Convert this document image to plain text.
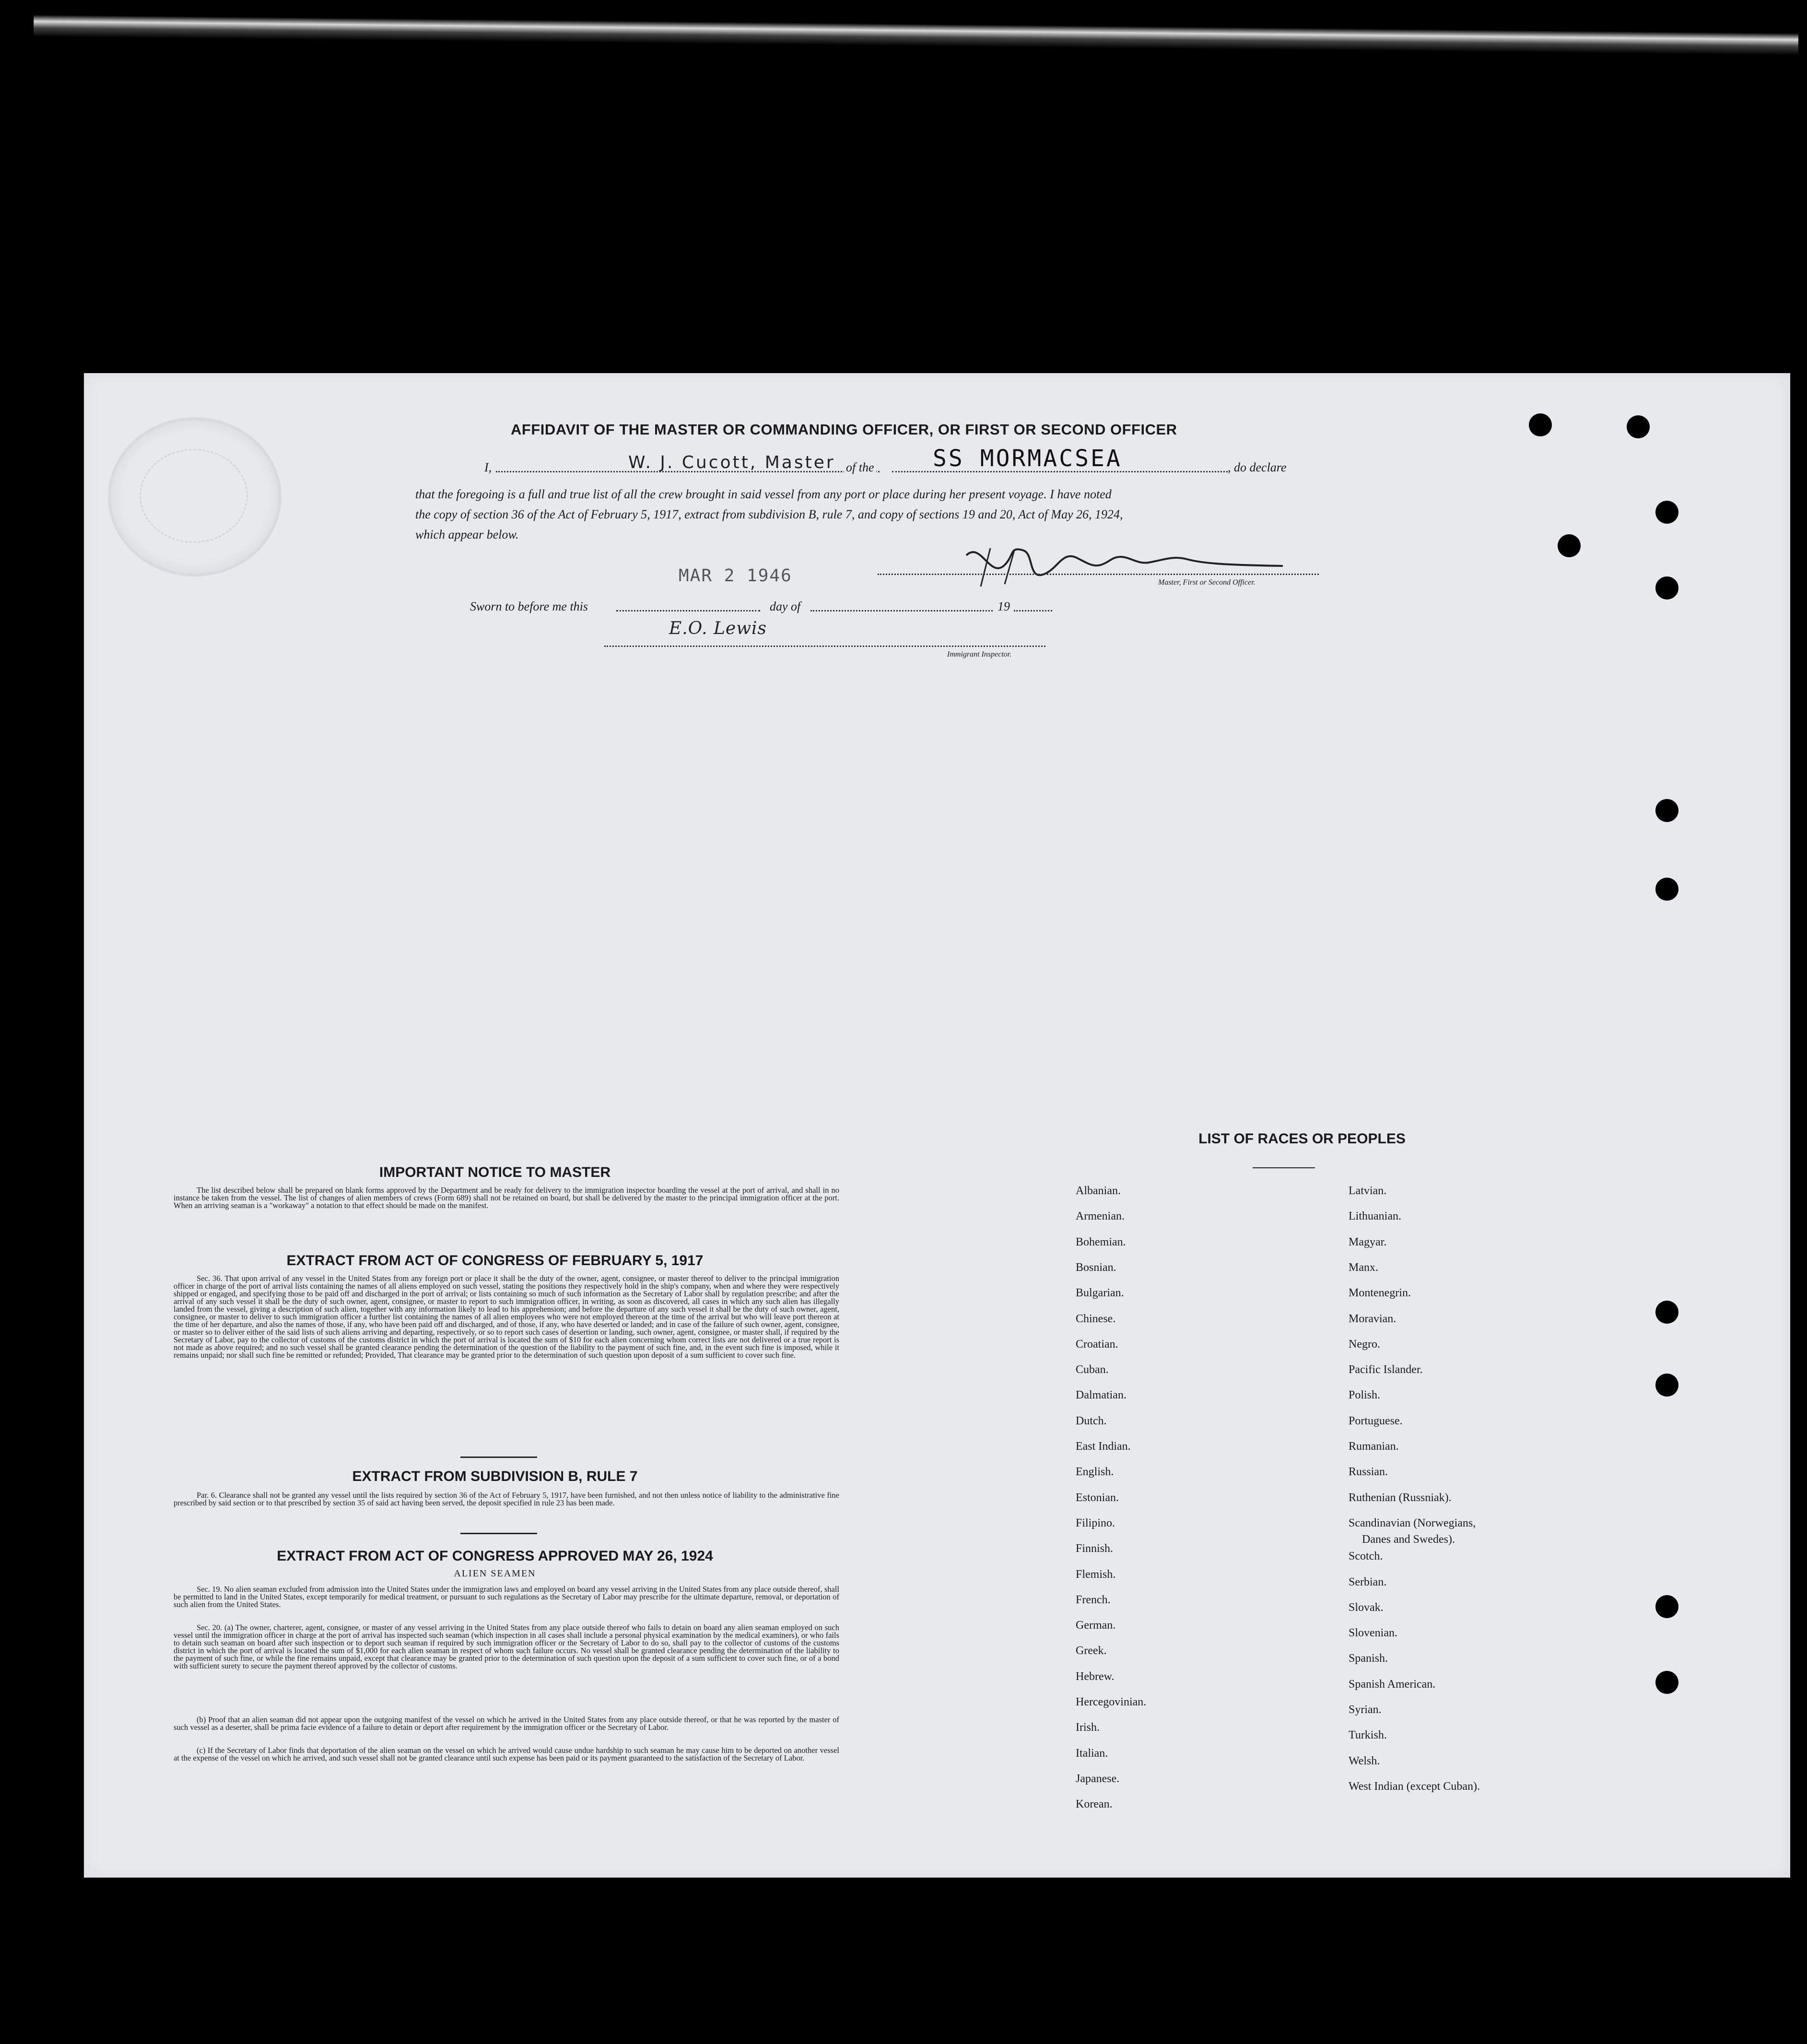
AFFIDAVIT OF THE MASTER OR COMMANDING OFFICER, OR FIRST OR SECOND OFFICER
I,	W. J. Cucott, Master of the	SS MORMACSEA	, do declare
that the foregoing is a full and true list of all the crew brought in said vessel from any port or place during her present voyage. I have noted
the copy of section 36 of the Act of February 5, 1917, extract from subdivision B, rule 7, and copy of sections 19 and 20, Act of May 26, 1924,
which appear below.
MAR 2 1946	Master, First or Second Officer.
Sworn to before me this	day of	19
E.O. Lewis
Immigrant Inspector.
IMPORTANT NOTICE TO MASTER
The list described below shall be prepared on blank forms approved by the Department and be ready for delivery to the immigration inspector boarding the vessel at the port of arrival, and shall in no instance be taken from the vessel. The list of changes of alien members of crews (Form 689) shall not be retained on board, but shall be delivered by the master to the principal immigration officer at the port. When an arriving seaman is a "workaway" a notation to that effect should be made on the manifest.
EXTRACT FROM ACT OF CONGRESS OF FEBRUARY 5, 1917
Sec. 36. That upon arrival of any vessel in the United States from any foreign port or place it shall be the duty of the owner, agent, consignee, or master thereof to deliver to the principal immigration officer in charge of the port of arrival lists containing the names of all aliens employed on such vessel, stating the positions they respectively hold in the ship's company, when and where they were respectively shipped or engaged, and specifying those to be paid off and discharged in the port of arrival; or lists containing so much of such information as the Secretary of Labor shall by regulation prescribe; and after the arrival of any such vessel it shall be the duty of such owner, agent, consignee, or master to report to such immigration officer, in writing, as soon as discovered, all cases in which any such alien has illegally landed from the vessel, giving a description of such alien, together with any information likely to lead to his apprehension; and before the departure of any such vessel it shall be the duty of such owner, agent, consignee, or master to deliver to such immigration officer a further list containing the names of all alien employees who were not employed thereon at the time of the arrival but who will leave port thereon at the time of her departure, and also the names of those, if any, who have been paid off and discharged, and of those, if any, who have deserted or landed; and in case of the failure of such owner, agent, consignee, or master so to deliver either of the said lists of such aliens arriving and departing, respectively, or so to report such cases of desertion or landing, such owner, agent, consignee, or master shall, if required by the Secretary of Labor, pay to the collector of customs of the customs district in which the port of arrival is located the sum of $10 for each alien concerning whom correct lists are not delivered or a true report is not made as above required; and no such vessel shall be granted clearance pending the determination of the question of the liability to the payment of such fine, and, in the event such fine is imposed, while it remains unpaid; nor shall such fine be remitted or refunded; Provided, That clearance may be granted prior to the determination of such question upon deposit of a sum sufficient to cover such fine.
EXTRACT FROM SUBDIVISION B, RULE 7
Par. 6. Clearance shall not be granted any vessel until the lists required by section 36 of the Act of February 5, 1917, have been furnished, and not then unless notice of liability to the administrative fine prescribed by said section or to that prescribed by section 35 of said act having been served, the deposit specified in rule 23 has been made.
EXTRACT FROM ACT OF CONGRESS APPROVED MAY 26, 1924
ALIEN SEAMEN
Sec. 19. No alien seaman excluded from admission into the United States under the immigration laws and employed on board any vessel arriving in the United States from any place outside thereof, shall be permitted to land in the United States, except temporarily for medical treatment, or pursuant to such regulations as the Secretary of Labor may prescribe for the ultimate departure, removal, or deportation of such alien from the United States.
Sec. 20. (a) The owner, charterer, agent, consignee, or master of any vessel arriving in the United States from any place outside thereof who fails to detain on board any alien seaman employed on such vessel until the immigration officer in charge at the port of arrival has inspected such seaman (which inspection in all cases shall include a personal physical examination by the medical examiners), or who fails to detain such seaman on board after such inspection or to deport such seaman if required by such immigration officer or the Secretary of Labor to do so, shall pay to the collector of customs of the customs district in which the port of arrival is located the sum of $1,000 for each alien seaman in respect of whom such failure occurs. No vessel shall be granted clearance pending the determination of the liability to the payment of such fine, or while the fine remains unpaid, except that clearance may be granted prior to the determination of such question upon the deposit of a sum sufficient to cover such fine, or of a bond with sufficient surety to secure the payment thereof approved by the collector of customs.
(b) Proof that an alien seaman did not appear upon the outgoing manifest of the vessel on which he arrived in the United States from any place outside thereof, or that he was reported by the master of such vessel as a deserter, shall be prima facie evidence of a failure to detain or deport after requirement by the immigration officer or the Secretary of Labor.
(c) If the Secretary of Labor finds that deportation of the alien seaman on the vessel on which he arrived would cause undue hardship to such seaman he may cause him to be deported on another vessel at the expense of the vessel on which he arrived, and such vessel shall not be granted clearance until such expense has been paid or its payment guaranteed to the satisfaction of the Secretary of Labor.
LIST OF RACES OR PEOPLES
Albanian.
Armenian.
Bohemian.
Bosnian.
Bulgarian.
Chinese.
Croatian.
Cuban.
Dalmatian.
Dutch.
East Indian.
English.
Estonian.
Filipino.
Finnish.
Flemish.
French.
German.
Greek.
Hebrew.
Hercegovinian.
Irish.
Italian.
Japanese.
Korean.
Latvian.
Lithuanian.
Magyar.
Manx.
Montenegrin.
Moravian.
Negro.
Pacific Islander.
Polish.
Portuguese.
Rumanian.
Russian.
Ruthenian (Russniak).
Scandinavian (Norwegians,
Danes and Swedes).
Scotch.
Serbian.
Slovak.
Slovenian.
Spanish.
Spanish American.
Syrian.
Turkish.
Welsh.
West Indian (except Cuban).
